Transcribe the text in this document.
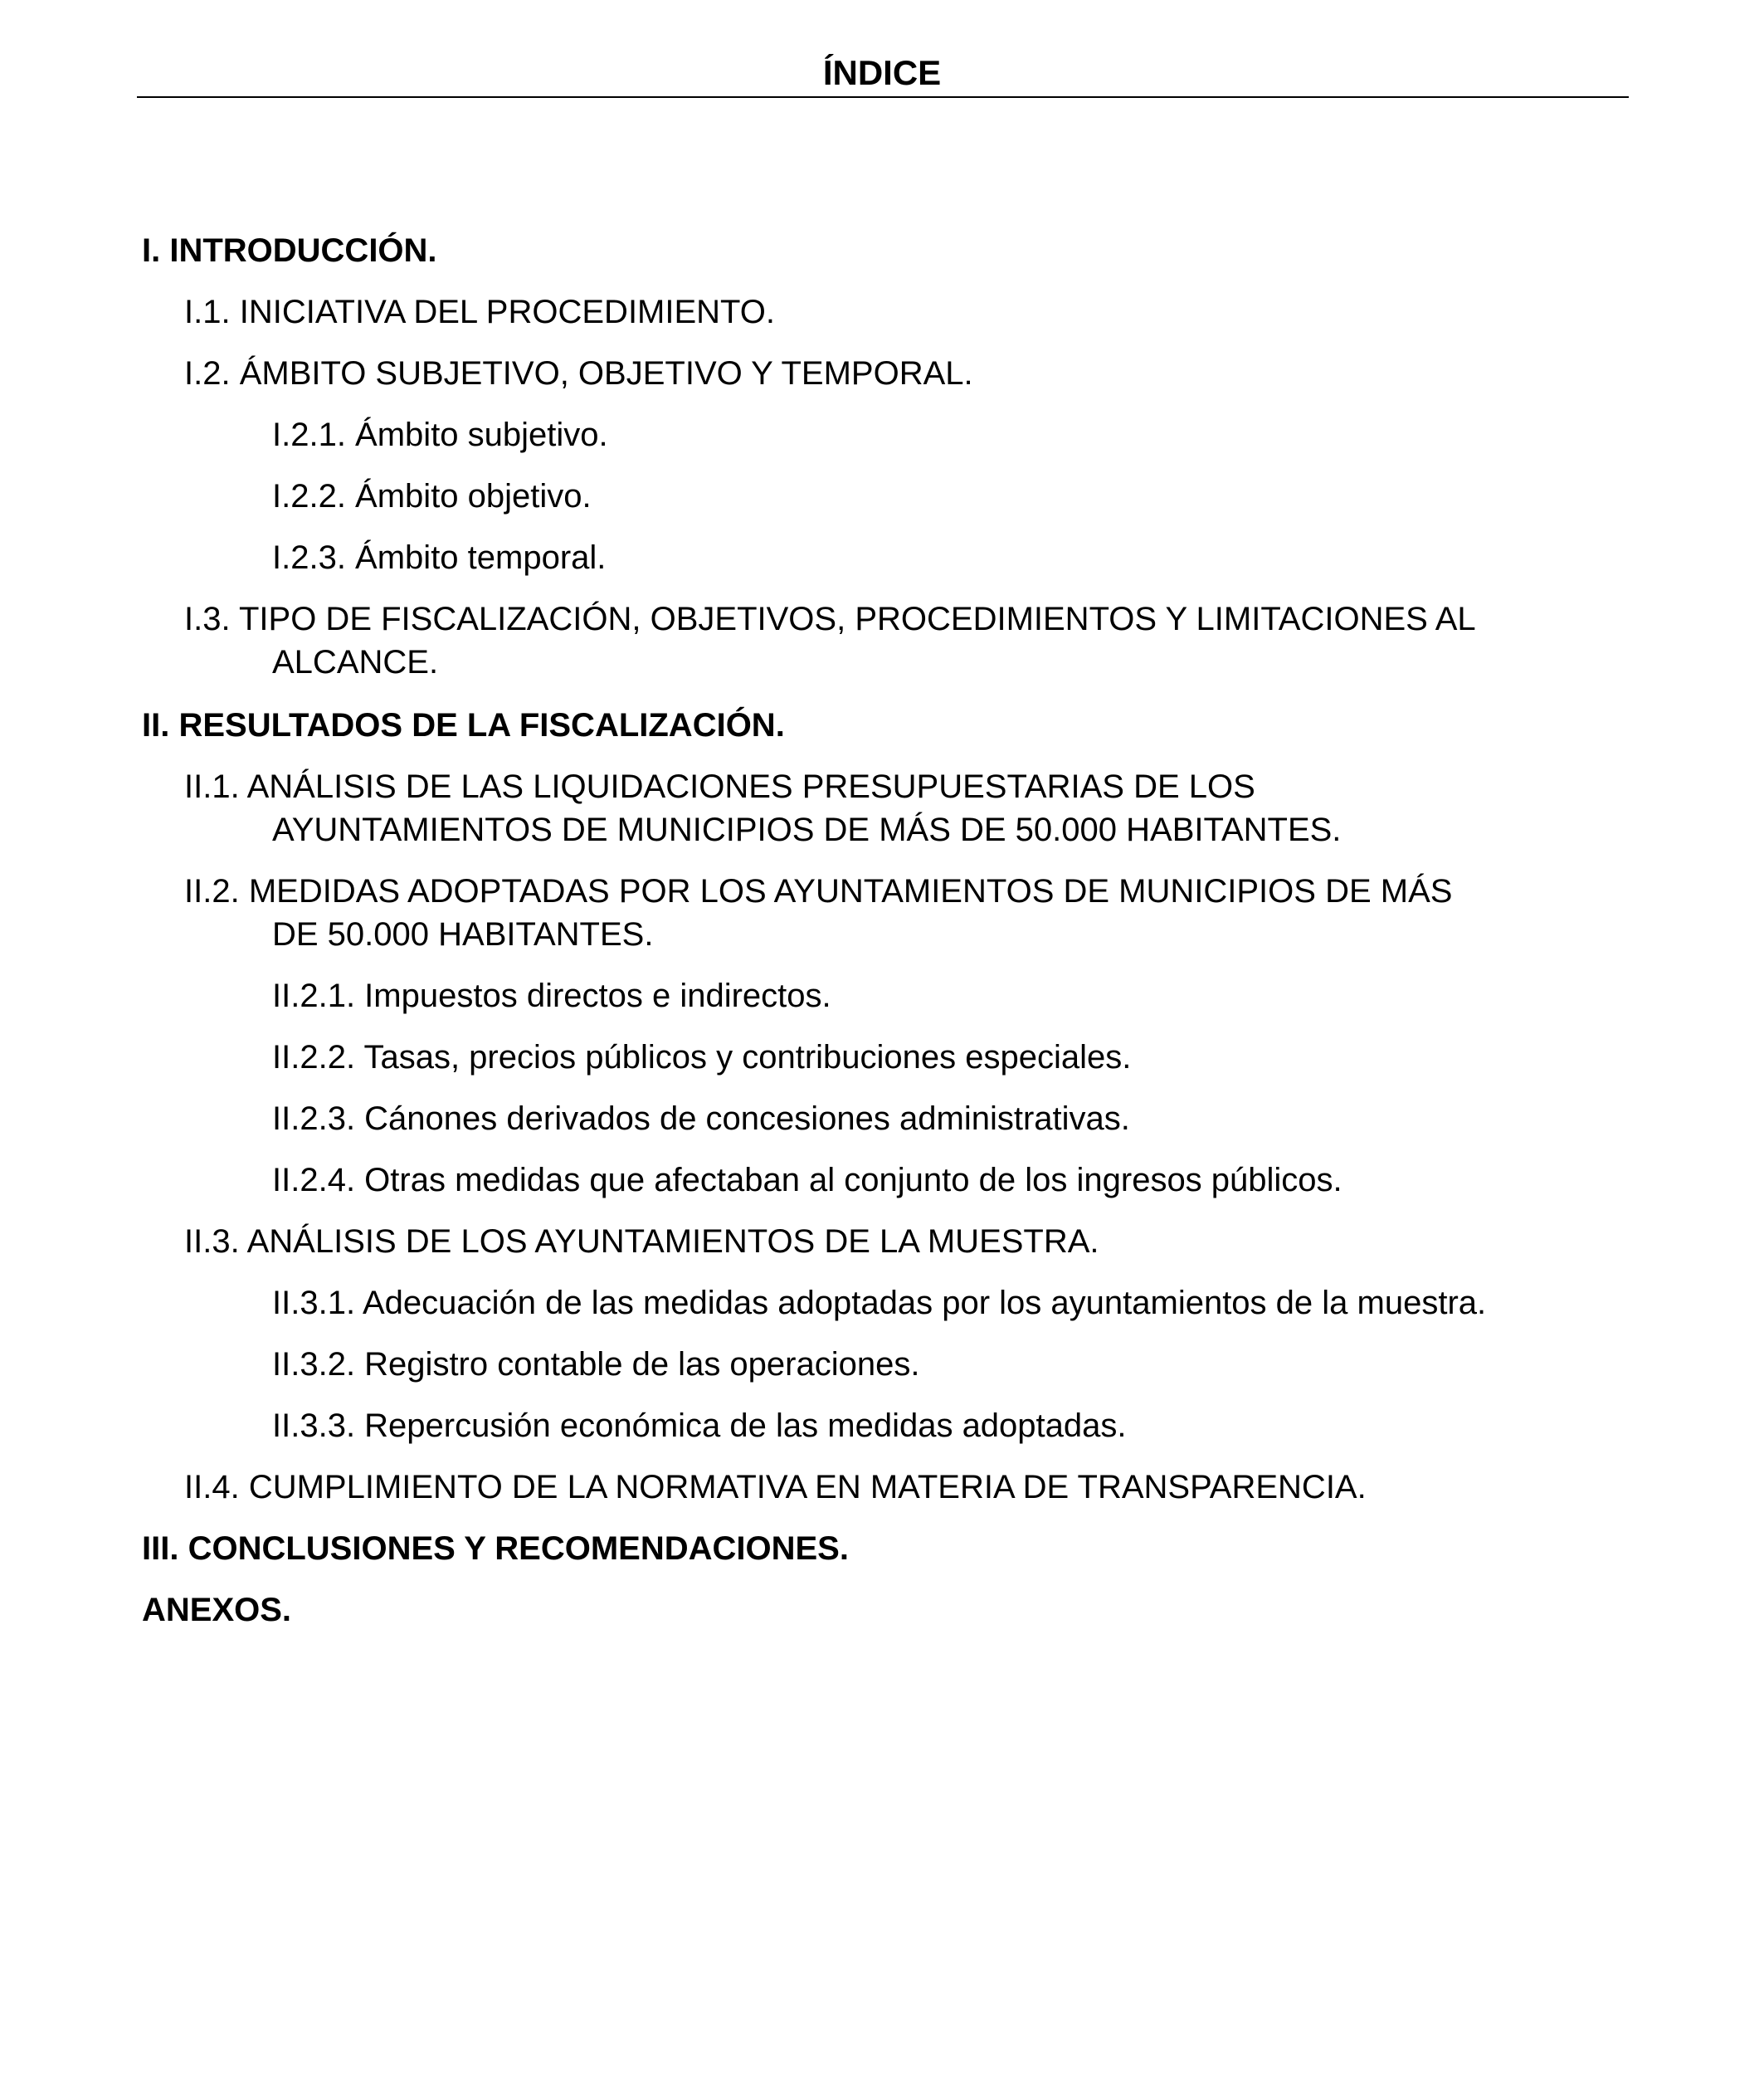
ÍNDICE
I. INTRODUCCIÓN.
I.1. INICIATIVA DEL PROCEDIMIENTO.
I.2. ÁMBITO SUBJETIVO, OBJETIVO Y TEMPORAL.
I.2.1. Ámbito subjetivo.
I.2.2. Ámbito objetivo.
I.2.3. Ámbito temporal.
I.3. TIPO DE FISCALIZACIÓN, OBJETIVOS, PROCEDIMIENTOS Y LIMITACIONES AL
ALCANCE.
II. RESULTADOS DE LA FISCALIZACIÓN.
II.1. ANÁLISIS DE LAS LIQUIDACIONES PRESUPUESTARIAS DE LOS
AYUNTAMIENTOS DE MUNICIPIOS DE MÁS DE 50.000 HABITANTES.
II.2. MEDIDAS ADOPTADAS POR LOS AYUNTAMIENTOS DE MUNICIPIOS DE MÁS
DE 50.000 HABITANTES.
II.2.1. Impuestos directos e indirectos.
II.2.2. Tasas, precios públicos y contribuciones especiales.
II.2.3. Cánones derivados de concesiones administrativas.
II.2.4. Otras medidas que afectaban al conjunto de los ingresos públicos.
II.3. ANÁLISIS DE LOS AYUNTAMIENTOS DE LA MUESTRA.
II.3.1. Adecuación de las medidas adoptadas por los ayuntamientos de la muestra.
II.3.2. Registro contable de las operaciones.
II.3.3. Repercusión económica de las medidas adoptadas.
II.4. CUMPLIMIENTO DE LA NORMATIVA EN MATERIA DE TRANSPARENCIA.
III. CONCLUSIONES Y RECOMENDACIONES.
ANEXOS.
